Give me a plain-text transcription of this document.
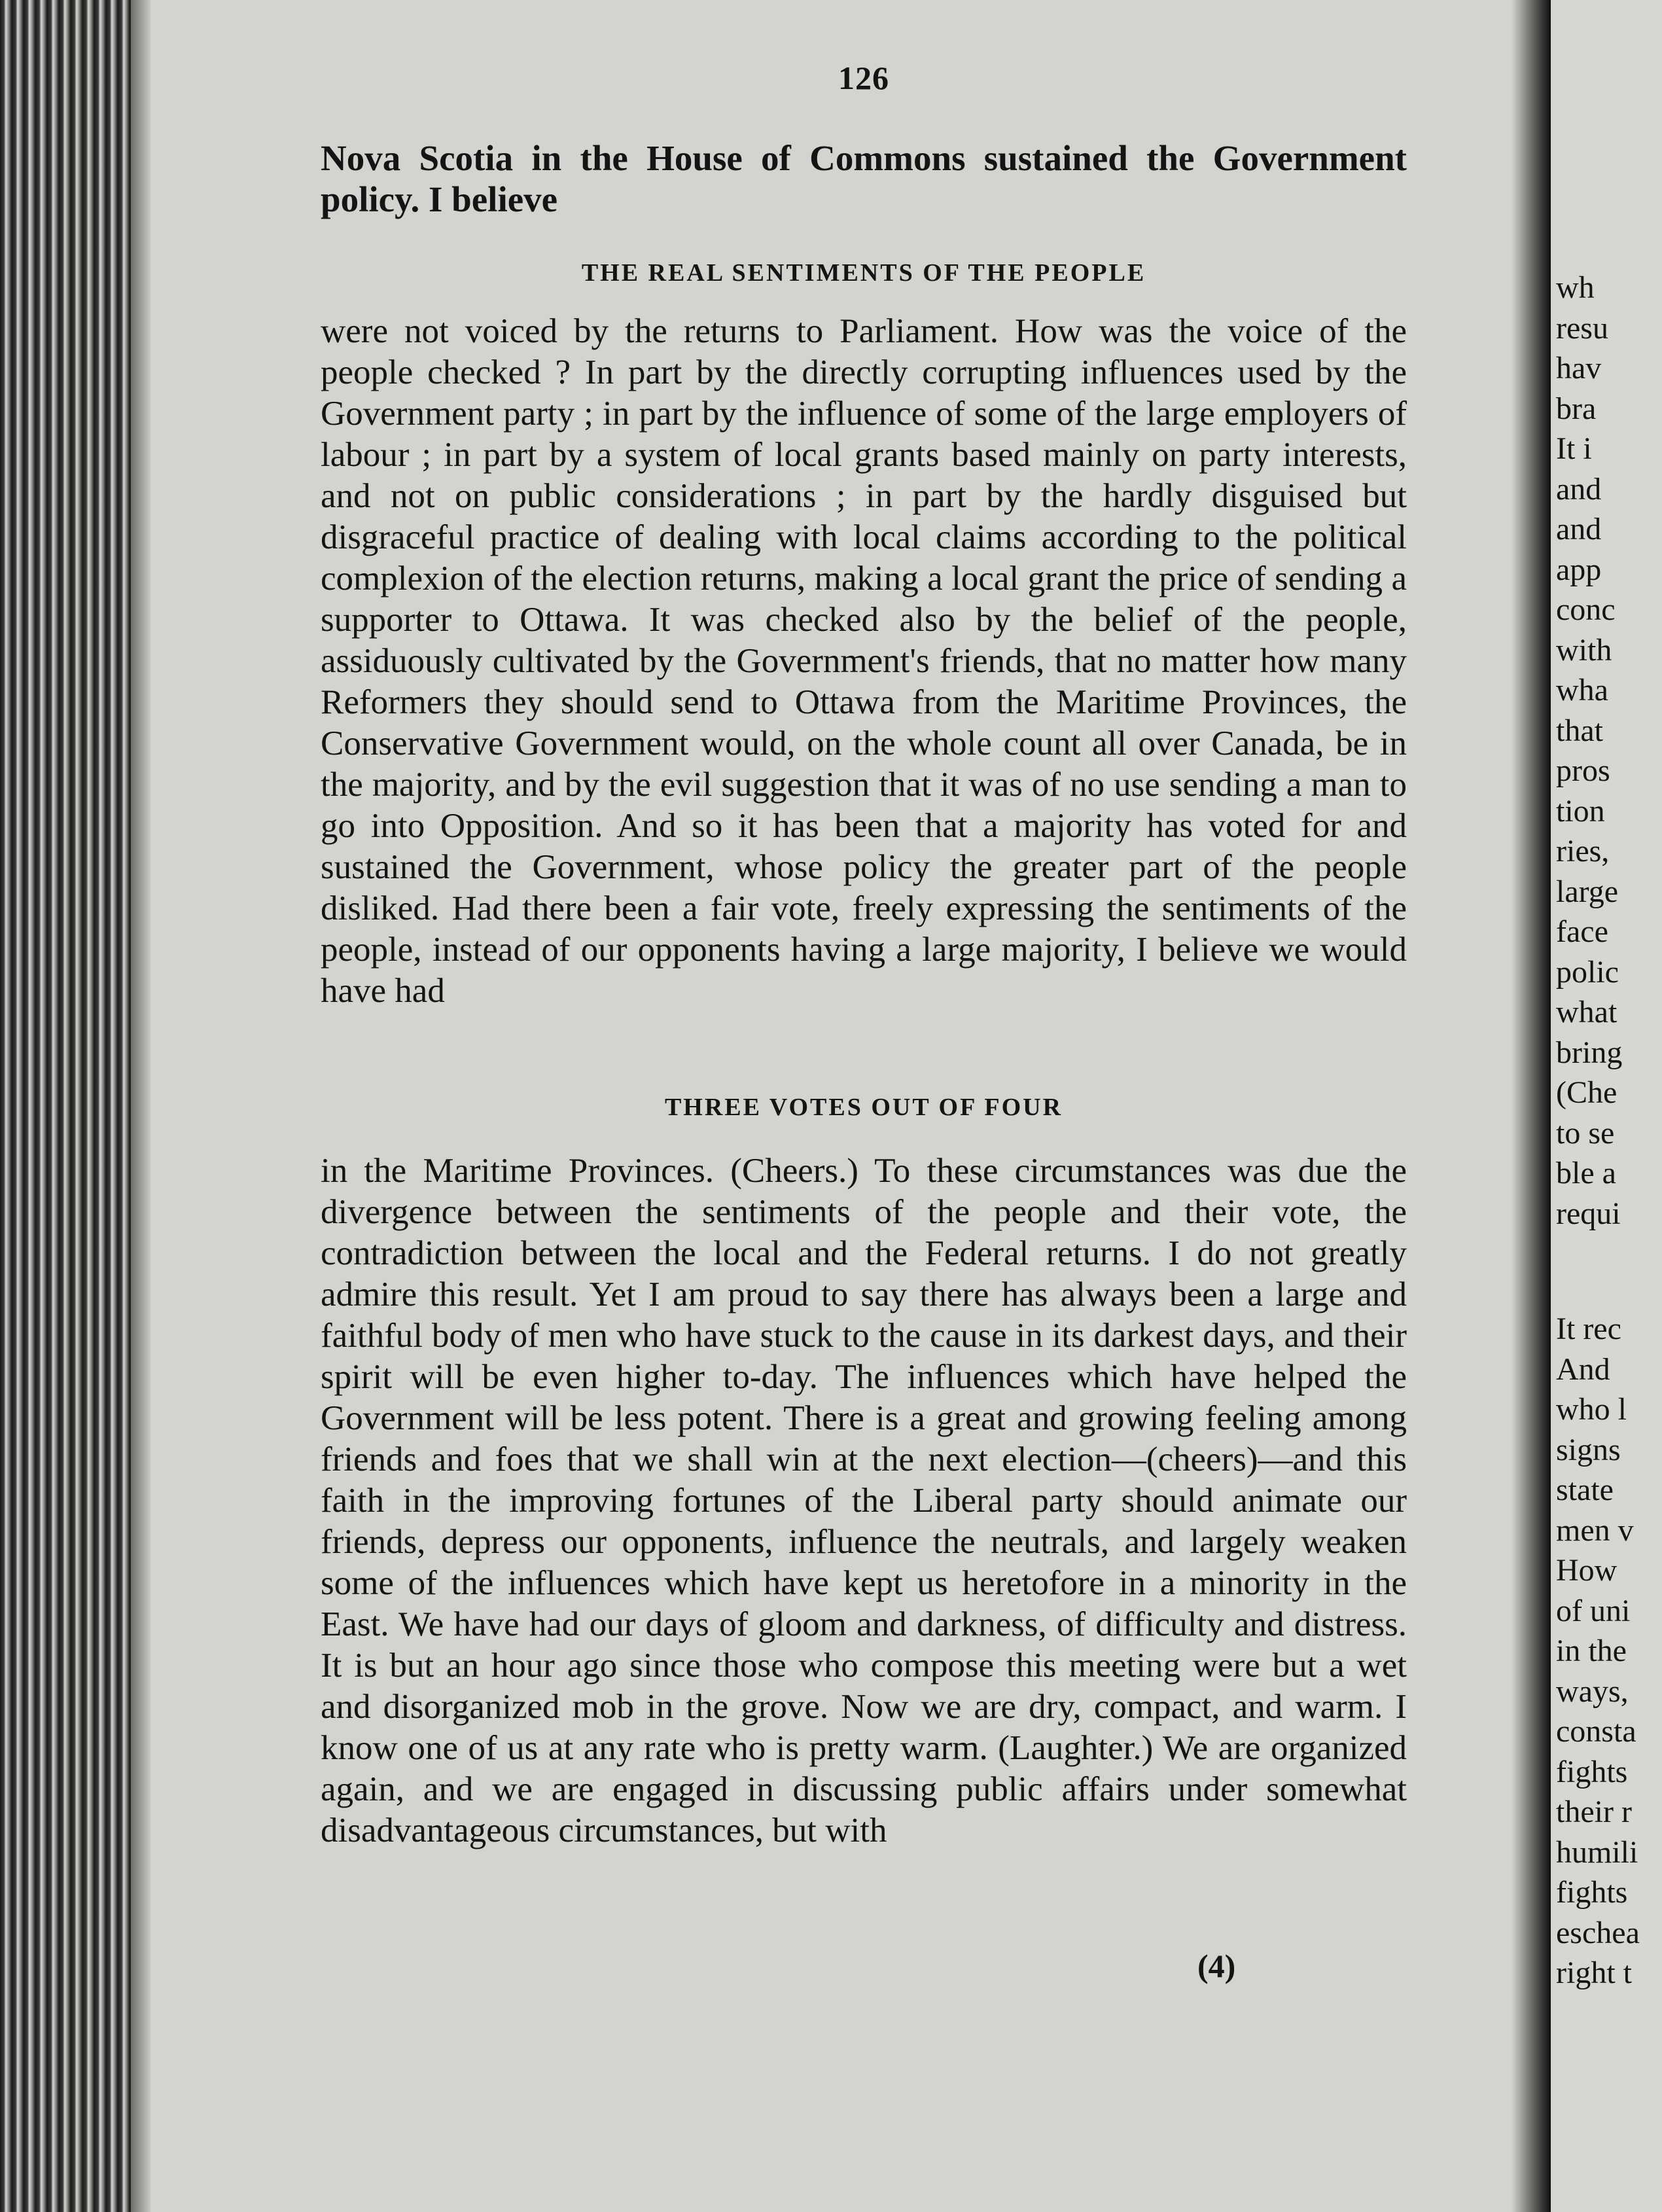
126
Nova Scotia in the House of Commons sustained the Government policy. I believe
THE REAL SENTIMENTS OF THE PEOPLE
were not voiced by the returns to Parliament. How was the voice of the people checked ? In part by the directly corrupting influences used by the Government party ; in part by the influence of some of the large employers of labour ; in part by a system of local grants based mainly on party interests, and not on public considerations ; in part by the hardly disguised but disgraceful practice of dealing with local claims according to the political complexion of the election returns, making a local grant the price of sending a supporter to Ottawa. It was checked also by the belief of the people, assiduously cultivated by the Government's friends, that no matter how many Reformers they should send to Ottawa from the Maritime Provinces, the Conservative Government would, on the whole count all over Canada, be in the majority, and by the evil suggestion that it was of no use sending a man to go into Opposition. And so it has been that a majority has voted for and sustained the Government, whose policy the greater part of the people disliked. Had there been a fair vote, freely expressing the sentiments of the people, instead of our opponents having a large majority, I believe we would have had
THREE VOTES OUT OF FOUR
in the Maritime Provinces. (Cheers.) To these circumstances was due the divergence between the sentiments of the people and their vote, the contradiction between the local and the Federal returns. I do not greatly admire this result. Yet I am proud to say there has always been a large and faithful body of men who have stuck to the cause in its darkest days, and their spirit will be even higher to-day. The influences which have helped the Government will be less potent. There is a great and growing feeling among friends and foes that we shall win at the next election—(cheers)—and this faith in the improving fortunes of the Liberal party should animate our friends, depress our opponents, influence the neutrals, and largely weaken some of the influences which have kept us heretofore in a minority in the East. We have had our days of gloom and darkness, of difficulty and distress. It is but an hour ago since those who compose this meeting were but a wet and disorganized mob in the grove. Now we are dry, compact, and warm. I know one of us at any rate who is pretty warm. (Laughter.) We are organized again, and we are engaged in discussing public affairs under somewhat disadvantageous circumstances, but with
(4)
wh
resu
hav
bra
It i
and
and
app
conc
with
wha
that
pros
tion
ries,
large
face
polic
what
bring
(Che
to se
ble a
requi
It rec
And
who l
signs
state
men v
How
of uni
in the
ways,
consta
fights
their r
humili
fights
eschea
right t
